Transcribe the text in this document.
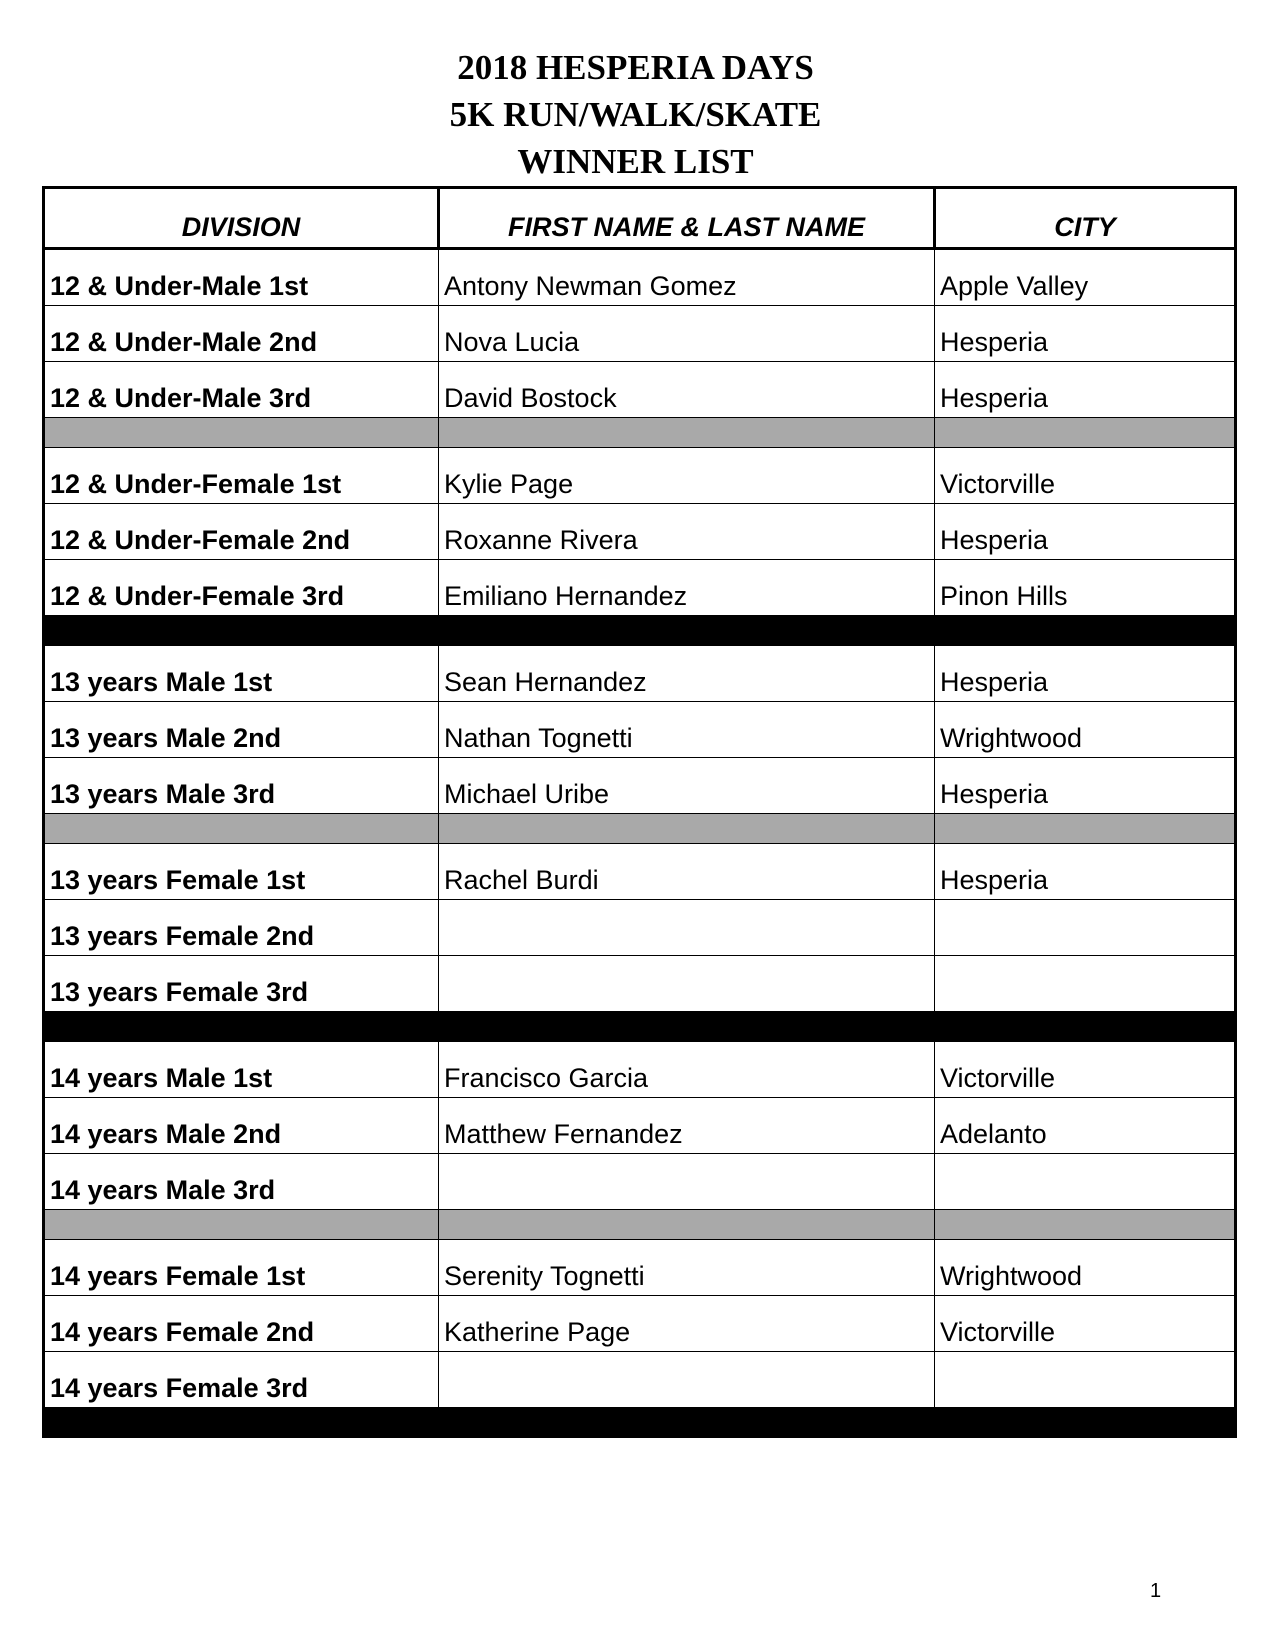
2018 HESPERIA DAYS
5K RUN/WALK/SKATE
WINNER LIST
DIVISION	FIRST NAME & LAST NAME	CITY
12 & Under-Male 1st	Antony Newman Gomez	Apple Valley
12 & Under-Male 2nd	Nova Lucia	Hesperia
12 & Under-Male 3rd	David Bostock	Hesperia

12 & Under-Female 1st	Kylie Page	Victorville
12 & Under-Female 2nd	Roxanne Rivera	Hesperia
12 & Under-Female 3rd	Emiliano Hernandez	Pinon Hills

13 years Male 1st	Sean Hernandez	Hesperia
13 years Male 2nd	Nathan Tognetti	Wrightwood
13 years Male 3rd	Michael Uribe	Hesperia

13 years Female 1st	Rachel Burdi	Hesperia
13 years Female 2nd		
13 years Female 3rd		

14 years Male 1st	Francisco Garcia	Victorville
14 years Male 2nd	Matthew Fernandez	Adelanto
14 years Male 3rd		

14 years Female 1st	Serenity Tognetti	Wrightwood
14 years Female 2nd	Katherine Page	Victorville
14 years Female 3rd		

1
